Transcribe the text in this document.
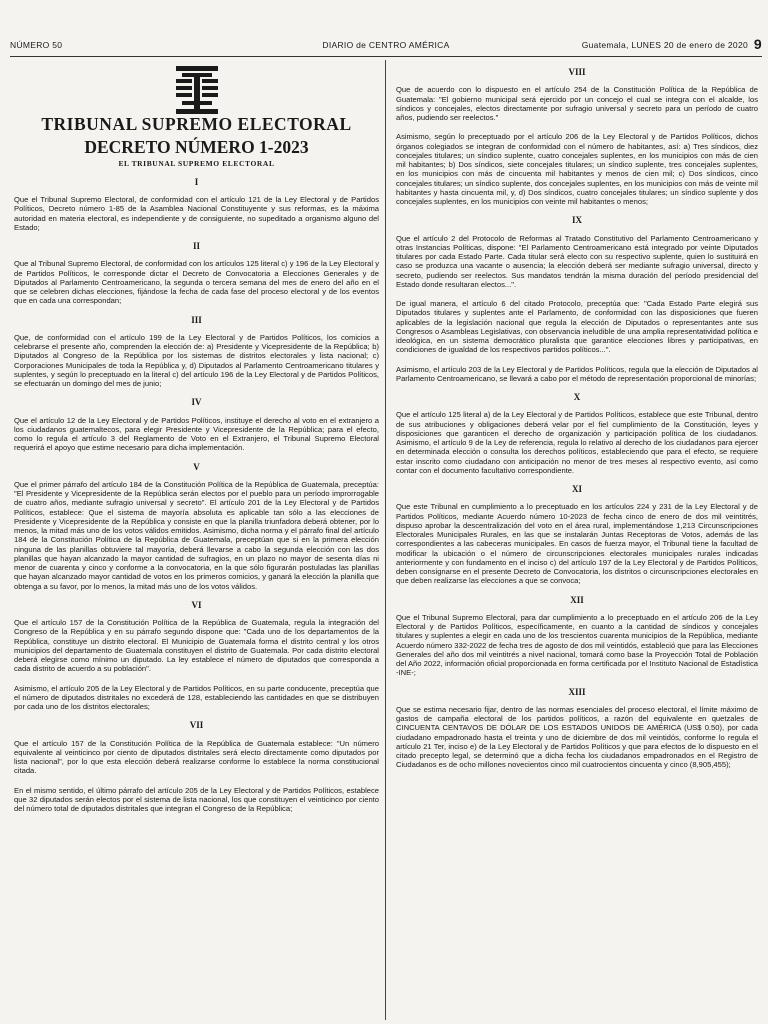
NÚMERO 50	DIARIO de CENTRO AMÉRICA	Guatemala, LUNES 20 de enero de 2020 9
TRIBUNAL SUPREMO ELECTORAL
DECRETO NÚMERO 1-2023
EL TRIBUNAL SUPREMO ELECTORAL
I

Que el Tribunal Supremo Electoral, de conformidad con el artículo 121 de la Ley Electoral y de Partidos Políticos, Decreto número 1-85 de la Asamblea Nacional Constituyente y sus reformas, es la máxima autoridad en materia electoral, es independiente y de consiguiente, no supeditado a organismo alguno del Estado;

II

Que al Tribunal Supremo Electoral, de conformidad con los artículos 125 literal c) y 196 de la Ley Electoral y de Partidos Políticos, le corresponde dictar el Decreto de Convocatoria a Elecciones Generales y de Diputados al Parlamento Centroamericano, la segunda o tercera semana del mes de enero del año en el que se celebren dichas elecciones, fijándose la fecha de cada fase del proceso electoral y de los eventos que en cada una correspondan;

III

Que, de conformidad con el artículo 199 de la Ley Electoral y de Partidos Políticos, los comicios a celebrarse el presente año, comprenden la elección de: a) Presidente y Vicepresidente de la República; b) Diputados al Congreso de la República por los sistemas de distritos electorales y lista nacional; c) Corporaciones Municipales de toda la República y, d) Diputados al Parlamento Centroamericano titulares y suplentes, y según lo preceptuado en la literal c) del artículo 196 de la Ley Electoral y de Partidos Políticos, se efectuarán un domingo del mes de junio;

IV

Que el artículo 12 de la Ley Electoral y de Partidos Políticos, instituye el derecho al voto en el extranjero a los ciudadanos guatemaltecos, para elegir Presidente y Vicepresidente de la República; para el efecto, como lo regula el artículo 3 del Reglamento de Voto en el Extranjero, el Tribunal Supremo Electoral requerirá el apoyo que estime necesario para dicha implementación.

V

Que el primer párrafo del artículo 184 de la Constitución Política de la República de Guatemala, preceptúa: "El Presidente y Vicepresidente de la República serán electos por el pueblo para un período improrrogable de cuatro años, mediante sufragio universal y secreto". El artículo 201 de la Ley Electoral y de Partidos Políticos, establece: Que el sistema de mayoría absoluta es aplicable tan sólo a las elecciones de Presidente y Vicepresidente de la República y consiste en que la planilla triunfadora deberá obtener, por lo menos, la mitad más uno de los votos válidos emitidos. Asimismo, dicha norma y el párrafo final del artículo 184 de la Constitución Política de la República de Guatemala, preceptúan que si en la primera elección ninguna de las planillas obtuviere tal mayoría, deberá llevarse a cabo la segunda elección con las dos planillas que hayan alcanzado la mayor cantidad de sufragios, en un plazo no mayor de sesenta días ni menor de cuarenta y cinco y conforme a la convocatoria, en la que sólo figurarán postuladas las planillas que hayan alcanzado mayor cantidad de votos en los primeros comicios, y ganará la elección la planilla que obtenga a su favor, por lo menos, la mitad más uno de los votos válidos.

VI

Que el artículo 157 de la Constitución Política de la República de Guatemala, regula la integración del Congreso de la República y en su párrafo segundo dispone que: "Cada uno de los departamentos de la República, constituye un distrito electoral. El Municipio de Guatemala forma el distrito central y los otros municipios del departamento de Guatemala constituyen el distrito de Guatemala. Por cada distrito electoral deberá elegirse como mínimo un diputado. La ley establece el número de diputados que corresponda a cada distrito de acuerdo a su población".

Asimismo, el artículo 205 de la Ley Electoral y de Partidos Políticos, en su parte conducente, preceptúa que el número de diputados distritales no excederá de 128, estableciendo las cantidades en que se distribuyen por cada uno de los distritos electorales;

VII

Que el artículo 157 de la Constitución Política de la República de Guatemala establece: "Un número equivalente al veinticinco por ciento de diputados distritales será electo directamente como diputados por lista nacional", por lo que esta elección deberá realizarse conforme lo establece la norma constitucional citada.

En el mismo sentido, el último párrafo del artículo 205 de la Ley Electoral y de Partidos Políticos, establece que 32 diputados serán electos por el sistema de lista nacional, los que constituyen el veinticinco por ciento del número total de diputados distritales que integran el Congreso de la República;

VIII

Que de acuerdo con lo dispuesto en el artículo 254 de la Constitución Política de la República de Guatemala: "El gobierno municipal será ejercido por un concejo el cual se integra con el alcalde, los síndicos y concejales, electos directamente por sufragio universal y secreto para un período de cuatro años, pudiendo ser reelectos."

Asimismo, según lo preceptuado por el artículo 206 de la Ley Electoral y de Partidos Políticos, dichos órganos colegiados se integran de conformidad con el número de habitantes, así: a) Tres síndicos, diez concejales titulares; un síndico suplente, cuatro concejales suplentes, en los municipios con más de cien mil habitantes; b) Dos síndicos, siete concejales titulares; un síndico suplente, tres concejales suplentes, en los municipios con más de cincuenta mil habitantes y menos de cien mil; c) Dos síndicos, cinco concejales titulares; un síndico suplente, dos concejales suplentes, en los municipios con más de veinte mil habitantes y hasta cincuenta mil, y, d) Dos síndicos, cuatro concejales titulares; un síndico suplente y dos concejales suplentes, en los municipios con veinte mil habitantes o menos;

IX

Que el artículo 2 del Protocolo de Reformas al Tratado Constitutivo del Parlamento Centroamericano y otras Instancias Políticas, dispone: "El Parlamento Centroamericano está integrado por veinte Diputados titulares por cada Estado Parte. Cada titular será electo con su respectivo suplente, quien lo sustituirá en caso se produzca una vacante o ausencia; la elección deberá ser mediante sufragio universal, directo y secreto, pudiendo ser reelectos. Sus mandatos tendrán la misma duración del período presidencial del Estado donde resultaran electos...".

De igual manera, el artículo 6 del citado Protocolo, preceptúa que: "Cada Estado Parte elegirá sus Diputados titulares y suplentes ante el Parlamento, de conformidad con las disposiciones que fueren aplicables de la legislación nacional que regula la elección de Diputados o representantes ante sus Congresos o Asambleas Legislativas, con observancia ineludible de una amplia representatividad política e ideológica, en un sistema democrático pluralista que garantice elecciones libres y participativas, en condiciones de igualdad de los respectivos partidos políticos...".

Asimismo, el artículo 203 de la Ley Electoral y de Partidos Políticos, regula que la elección de Diputados al Parlamento Centroamericano, se llevará a cabo por el método de representación proporcional de minorías;

X

Que el artículo 125 literal a) de la Ley Electoral y de Partidos Políticos, establece que este Tribunal, dentro de sus atribuciones y obligaciones deberá velar por el fiel cumplimiento de la Constitución, leyes y disposiciones que garanticen el derecho de organización y participación política de los ciudadanos. Asimismo, el artículo 9 de la Ley de referencia, regula lo relativo al derecho de los ciudadanos para ejercer en determinada elección o consulta los derechos políticos, estableciendo que para el efecto, se requiere estar inscrito como ciudadano con anticipación no menor de tres meses al respectivo evento, así como contar con el documento facultativo correspondiente.

XI

Que este Tribunal en cumplimiento a lo preceptuado en los artículos 224 y 231 de la Ley Electoral y de Partidos Políticos, mediante Acuerdo número 10-2023 de fecha cinco de enero de dos mil veintitrés, dispuso aprobar la descentralización del voto en el área rural, implementándose 1,213 Circunscripciones Electorales Municipales Rurales, en las que se instalarán Juntas Receptoras de Votos, además de las correspondientes a las cabeceras municipales. En casos de fuerza mayor, el Tribunal tiene la facultad de modificar la ubicación o el número de circunscripciones electorales municipales rurales indicadas anteriormente y con fundamento en el inciso c) del artículo 197 de la Ley Electoral y de Partidos Políticos, deben consignarse en el presente Decreto de Convocatoria, los distritos o circunscripciones electorales en que deben realizarse las elecciones a que se convoca;

XII

Que el Tribunal Supremo Electoral, para dar cumplimiento a lo preceptuado en el artículo 206 de la Ley Electoral y de Partidos Políticos, específicamente, en cuanto a la cantidad de síndicos y concejales titulares y suplentes a elegir en cada uno de los trescientos cuarenta municipios de la República, mediante Acuerdo número 332-2022 de fecha tres de agosto de dos mil veintidós, estableció que para las Elecciones Generales del año dos mil veintitrés a nivel nacional, tomará como base la Proyección Total de Población del Año 2022, información oficial proporcionada en forma certificada por el Instituto Nacional de Estadística -INE-;

XIII

Que se estima necesario fijar, dentro de las normas esenciales del proceso electoral, el límite máximo de gastos de campaña electoral de los partidos políticos, a razón del equivalente en quetzales de CINCUENTA CENTAVOS DE DÓLAR DE LOS ESTADOS UNIDOS DE AMÉRICA (US$ 0.50), por cada ciudadano empadronado hasta el treinta y uno de diciembre de dos mil veintidós, conforme lo regula el artículo 21 Ter, inciso e) de la Ley Electoral y de Partidos Políticos y que para efectos de lo dispuesto en el citado precepto legal, se determinó que a dicha fecha los ciudadanos empadronados en el Registro de Ciudadanos es de ocho millones novecientos cinco mil cuatrocientos cincuenta y cinco (8,905,455);
